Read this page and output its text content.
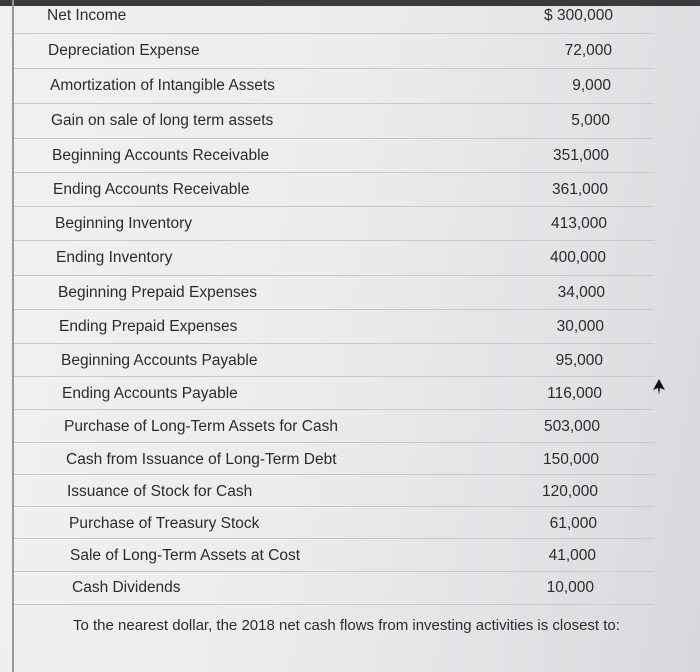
Net Income	$ 300,000
Depreciation Expense	72,000
Amortization of Intangible Assets	9,000
Gain on sale of long term assets	5,000
Beginning Accounts Receivable	351,000
Ending Accounts Receivable	361,000
Beginning Inventory	413,000
Ending Inventory	400,000
Beginning Prepaid Expenses	34,000
Ending Prepaid Expenses	30,000
Beginning Accounts Payable	95,000
Ending Accounts Payable	116,000
Purchase of Long-Term Assets for Cash	503,000
Cash from Issuance of Long-Term Debt	150,000
Issuance of Stock for Cash	120,000
Purchase of Treasury Stock	61,000
Sale of Long-Term Assets at Cost	41,000
Cash Dividends	10,000
To the nearest dollar, the 2018 net cash flows from investing activities is closest to:
